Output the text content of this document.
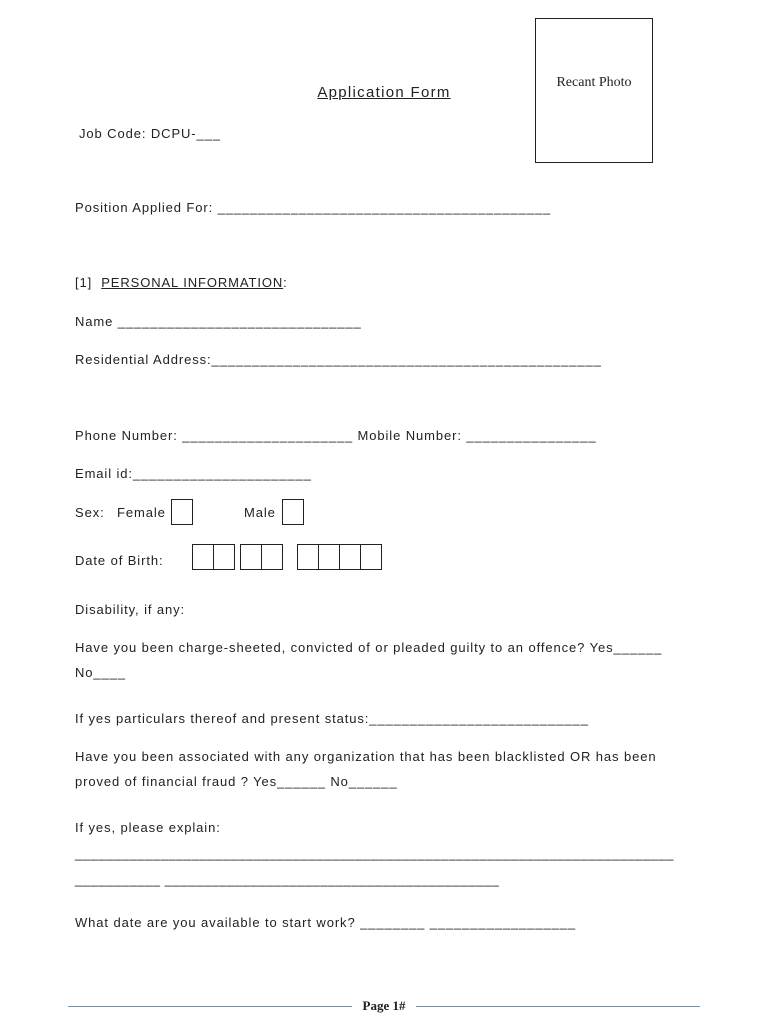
Application Form
Recant Photo
Job Code: DCPU-___
Position Applied For: _________________________________________
[1] PERSONAL INFORMATION:
Name ______________________________
Residential Address:________________________________________________
Phone Number: _____________________ Mobile Number: ________________
Email id:______________________
Sex: Female	Male
Date of Birth:
Disability, if any:
Have you been charge-sheeted, convicted of or pleaded guilty to an offence? Yes______
No____
If yes particulars thereof and present status:___________________________
Have you been associated with any organization that has been blacklisted OR has been
proved of financial fraud ? Yes______ No______
If yes, please explain:
_____________________________________________________________________________
___________ ___________________________________________
What date are you available to start work? ________ __________________
Page 1#
